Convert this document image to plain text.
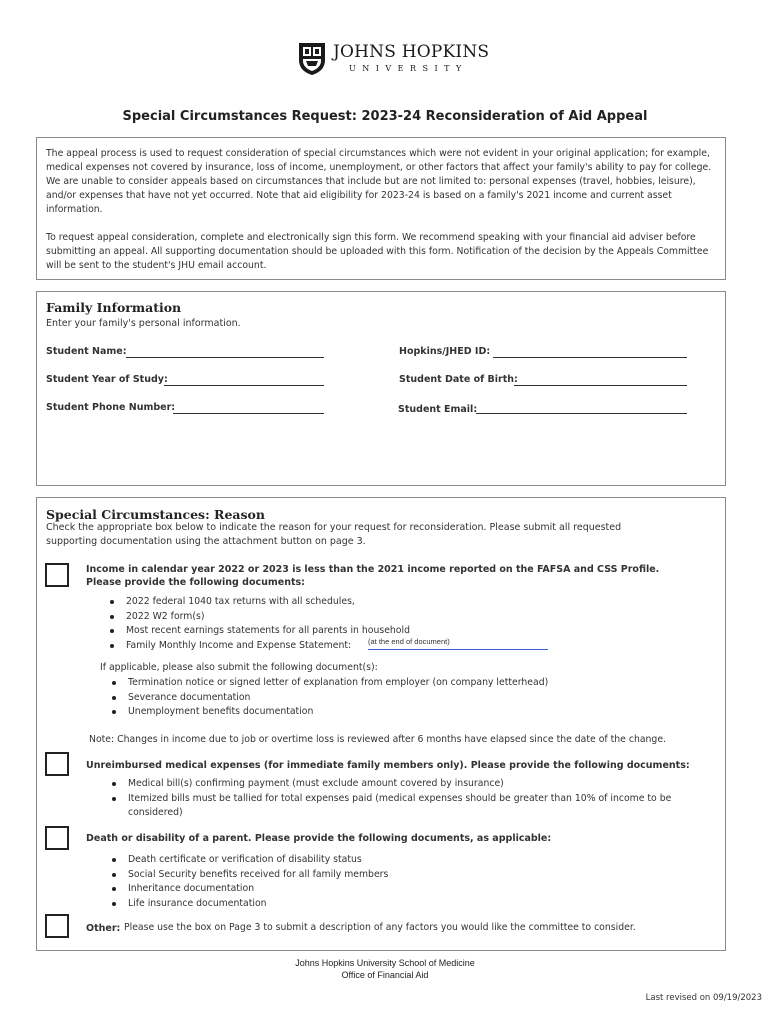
JOHNS HOPKINS
UNIVERSITY
Special Circumstances Request: 2023-24 Reconsideration of Aid Appeal
The appeal process is used to request consideration of special circumstances which were not evident in your original application; for example, medical expenses not covered by insurance, loss of income, unemployment, or other factors that affect your family's ability to pay for college. We are unable to consider appeals based on circumstances that include but are not limited to: personal expenses (travel, hobbies, leisure), and/or expenses that have not yet occurred. Note that aid eligibility for 2023-24 is based on a family's 2021 income and current asset information.
To request appeal consideration, complete and electronically sign this form. We recommend speaking with your financial aid adviser before submitting an appeal. All supporting documentation should be uploaded with this form. Notification of the decision by the Appeals Committee will be sent to the student's JHU email account.
Family Information
Enter your family's personal information.
Student Name:	Hopkins/JHED ID:
Student Year of Study:	Student Date of Birth:
Student Phone Number:	Student Email:
Special Circumstances: Reason
Check the appropriate box below to indicate the reason for your request for reconsideration. Please submit all requested supporting documentation using the attachment button on page 3.
Income in calendar year 2022 or 2023 is less than the 2021 income reported on the FAFSA and CSS Profile.
Please provide the following documents:
2022 federal 1040 tax returns with all schedules,
2022 W2 form(s)
Most recent earnings statements for all parents in household
Family Monthly Income and Expense Statement:	(at the end of document)
If applicable, please also submit the following document(s):
Termination notice or signed letter of explanation from employer (on company letterhead)
Severance documentation
Unemployment benefits documentation
Note: Changes in income due to job or overtime loss is reviewed after 6 months have elapsed since the date of the change.
Unreimbursed medical expenses (for immediate family members only). Please provide the following documents:
Medical bill(s) confirming payment (must exclude amount covered by insurance)
Itemized bills must be tallied for total expenses paid (medical expenses should be greater than 10% of income to be
considered)
Death or disability of a parent. Please provide the following documents, as applicable:
Death certificate or verification of disability status
Social Security benefits received for all family members
Inheritance documentation
Life insurance documentation
Other: Please use the box on Page 3 to submit a description of any factors you would like the committee to consider.
Johns Hopkins University School of Medicine
Office of Financial Aid
Last revised on 09/19/2023
